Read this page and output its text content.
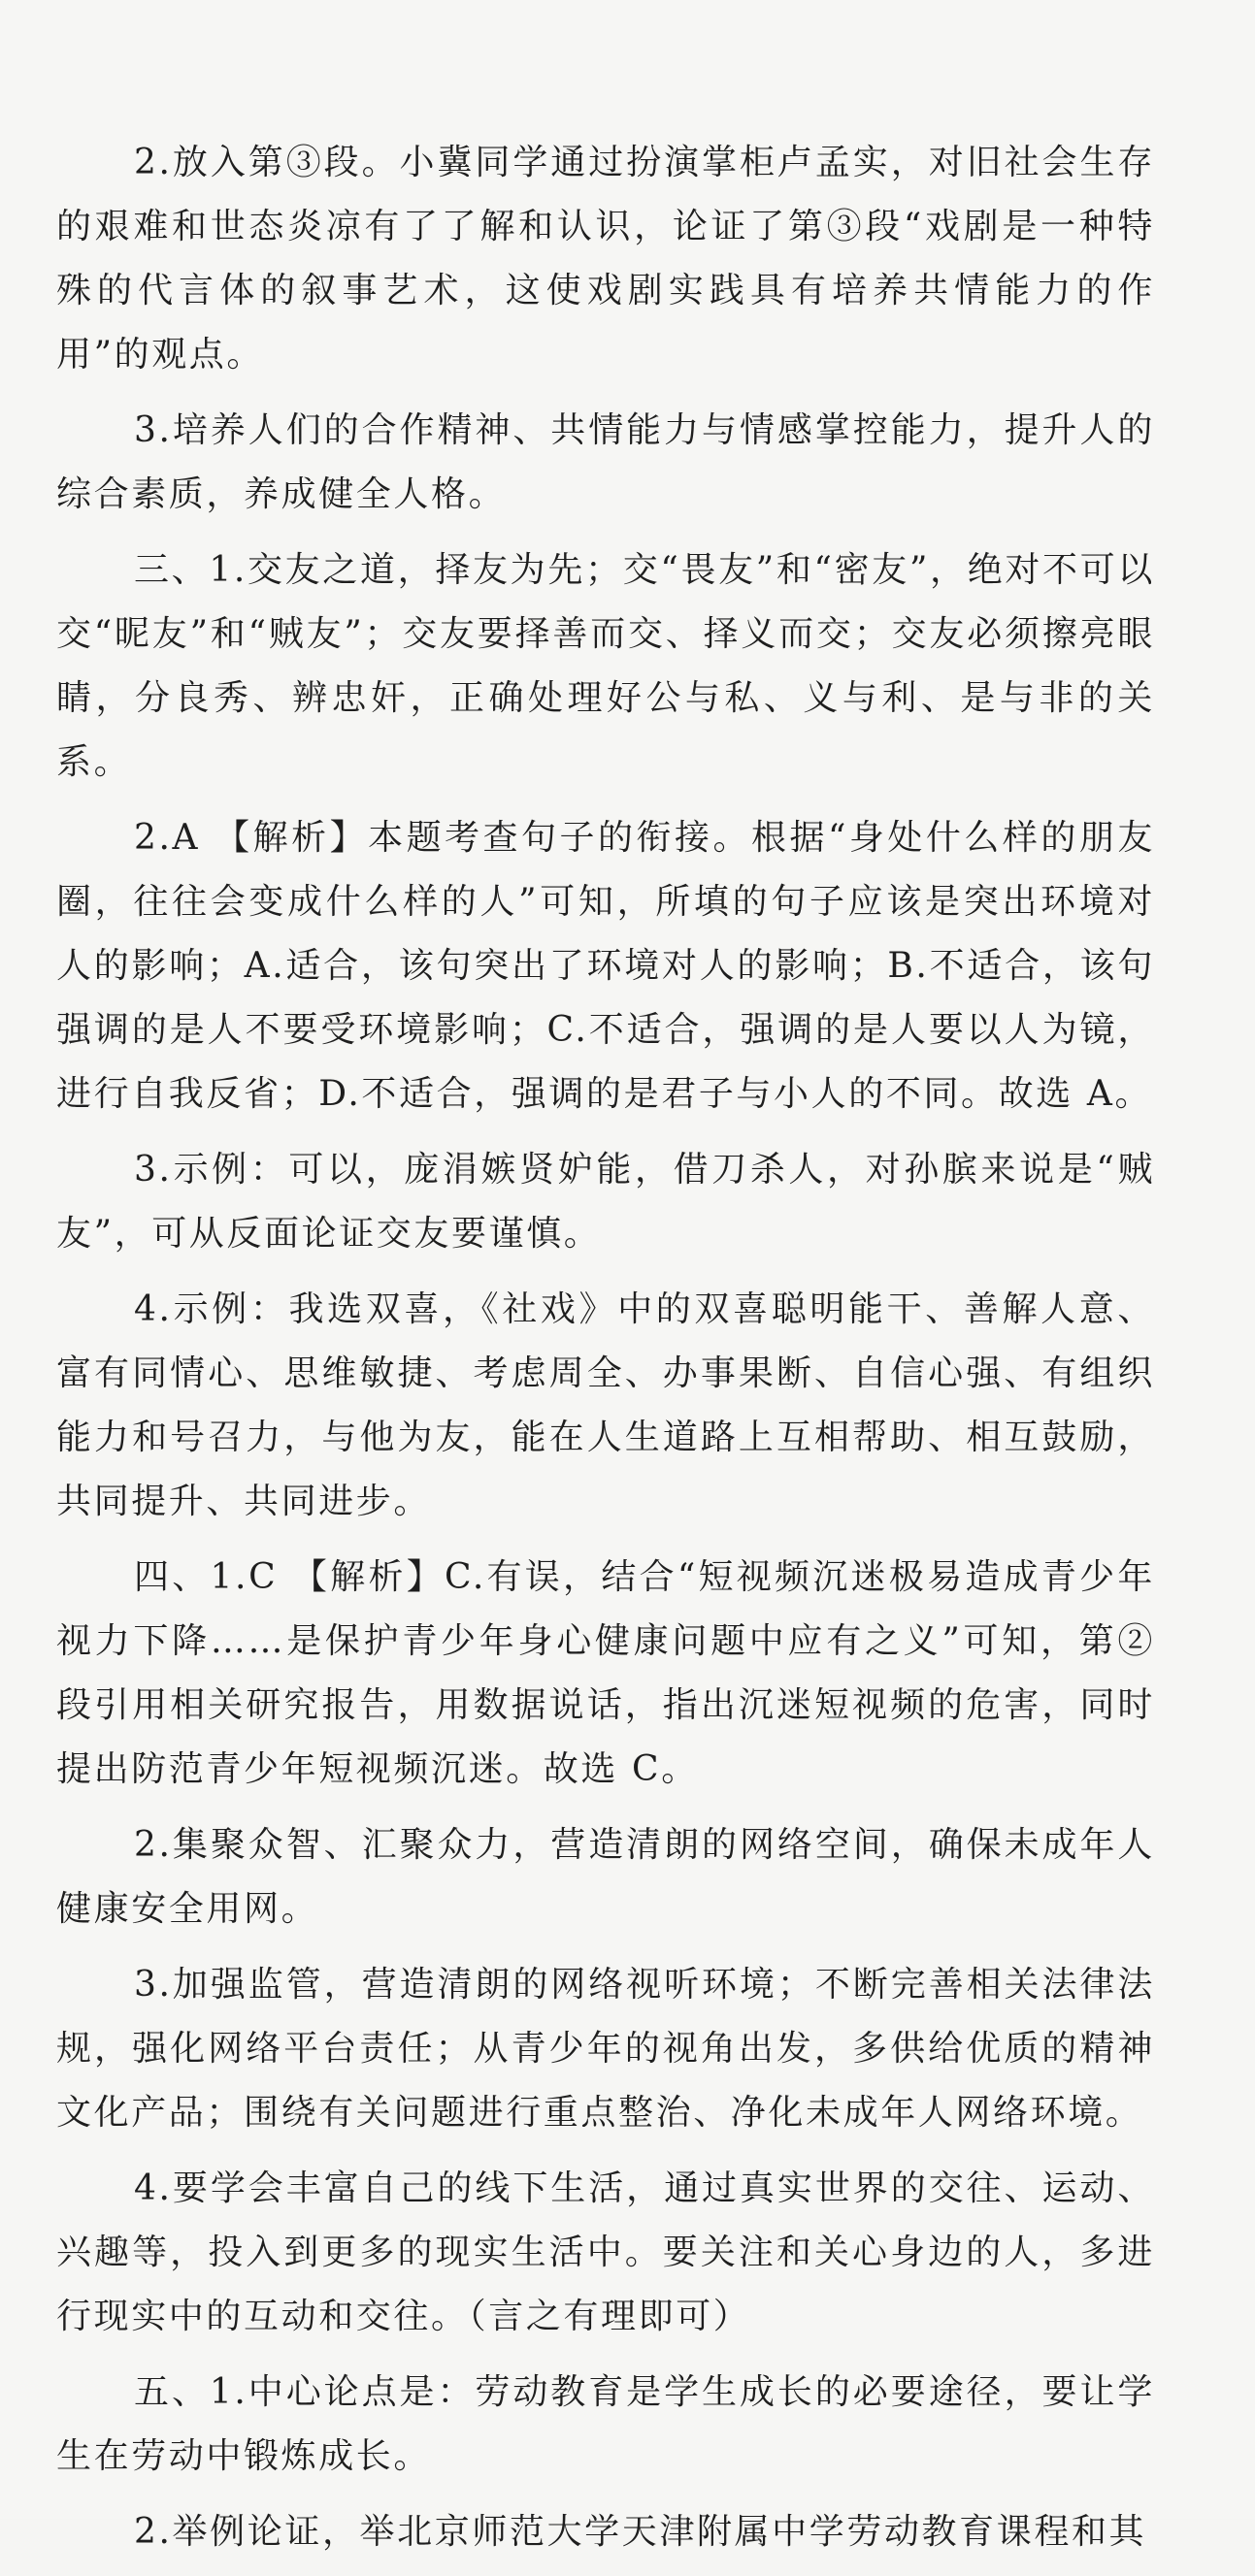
2.放入第③段。小冀同学通过扮演掌柜卢孟实，对旧社会生存的艰难和世态炎凉有了了解和认识，论证了第③段“戏剧是一种特殊的代言体的叙事艺术，这使戏剧实践具有培养共情能力的作用”的观点。

3.培养人们的合作精神、共情能力与情感掌控能力，提升人的综合素质，养成健全人格。

三、1.交友之道，择友为先；交“畏友”和“密友”，绝对不可以交“昵友”和“贼友”；交友要择善而交、择义而交；交友必须擦亮眼睛，分良秀、辨忠奸，正确处理好公与私、义与利、是与非的关系。

2.A 【解析】本题考查句子的衔接。根据“身处什么样的朋友圈，往往会变成什么样的人”可知，所填的句子应该是突出环境对人的影响；A.适合，该句突出了环境对人的影响；B.不适合，该句强调的是人不要受环境影响；C.不适合，强调的是人要以人为镜，进行自我反省；D.不适合，强调的是君子与小人的不同。故选 A。

3.示例：可以，庞涓嫉贤妒能，借刀杀人，对孙膑来说是“贼友”，可从反面论证交友要谨慎。

4.示例：我选双喜，《社戏》中的双喜聪明能干、善解人意、富有同情心、思维敏捷、考虑周全、办事果断、自信心强、有组织能力和号召力，与他为友，能在人生道路上互相帮助、相互鼓励，共同提升、共同进步。

四、1.C 【解析】C.有误，结合“短视频沉迷极易造成青少年视力下降……是保护青少年身心健康问题中应有之义”可知，第②段引用相关研究报告，用数据说话，指出沉迷短视频的危害，同时提出防范青少年短视频沉迷。故选 C。

2.集聚众智、汇聚众力，营造清朗的网络空间，确保未成年人健康安全用网。

3.加强监管，营造清朗的网络视听环境；不断完善相关法律法规，强化网络平台责任；从青少年的视角出发，多供给优质的精神文化产品；围绕有关问题进行重点整治、净化未成年人网络环境。

4.要学会丰富自己的线下生活，通过真实世界的交往、运动、兴趣等，投入到更多的现实生活中。要关注和关心身边的人，多进行现实中的互动和交往。（言之有理即可）

五、1.中心论点是：劳动教育是学生成长的必要途径，要让学生在劳动中锻炼成长。

2.举例论证，举北京师范大学天津附属中学劳动教育课程和其
